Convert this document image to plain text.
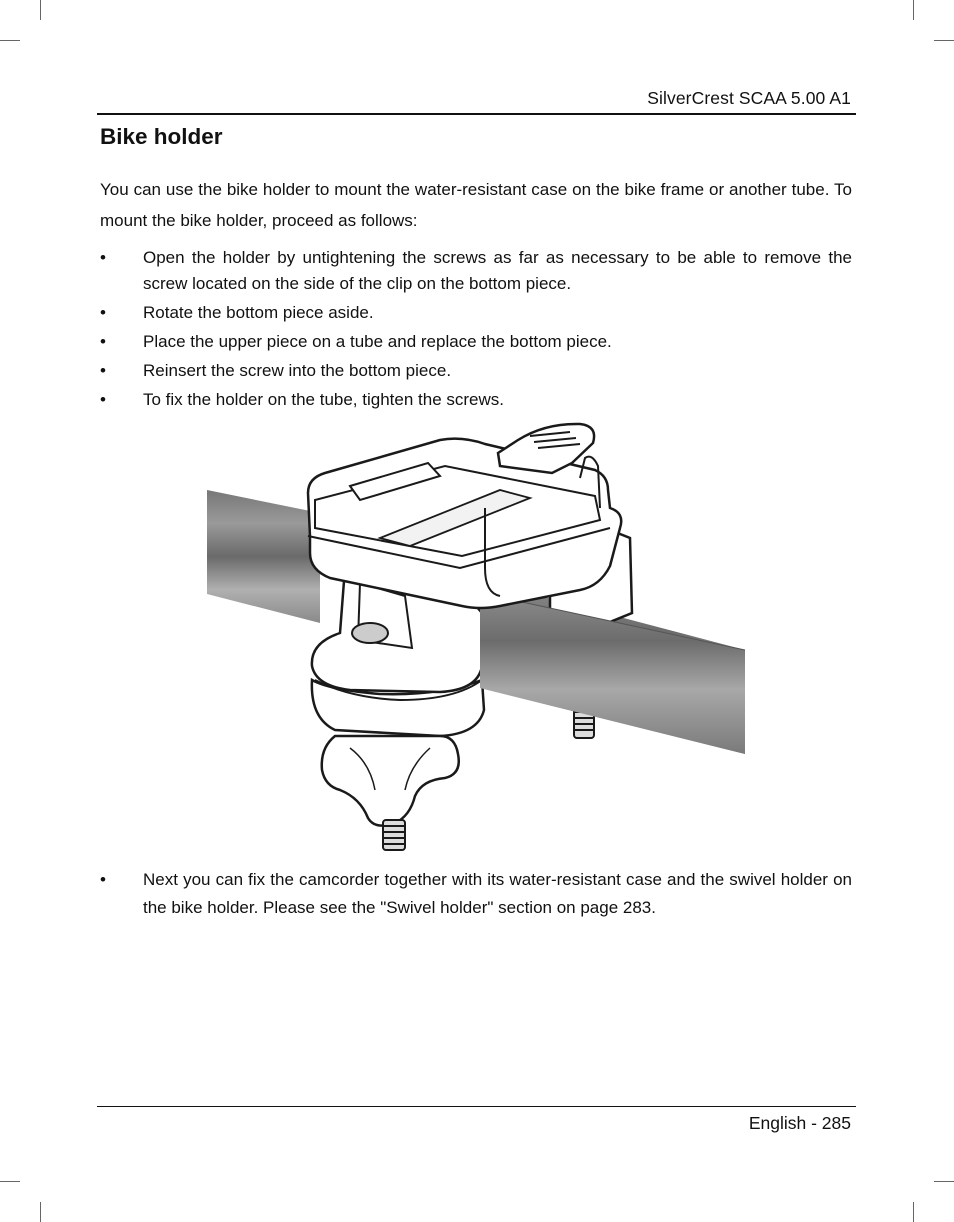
SilverCrest SCAA 5.00 A1
Bike holder

You can use the bike holder to mount the water-resistant case on the bike frame or another tube. To mount the bike holder, proceed as follows:

• Open the holder by untightening the screws as far as necessary to be able to remove the screw located on the side of the clip on the bottom piece.
• Rotate the bottom piece aside.
• Place the upper piece on a tube and replace the bottom piece.
• Reinsert the screw into the bottom piece.
• To fix the holder on the tube, tighten the screws.
• Next you can fix the camcorder together with its water-resistant case and the swivel holder on the bike holder. Please see the "Swivel holder" section on page 283.
English - 285
